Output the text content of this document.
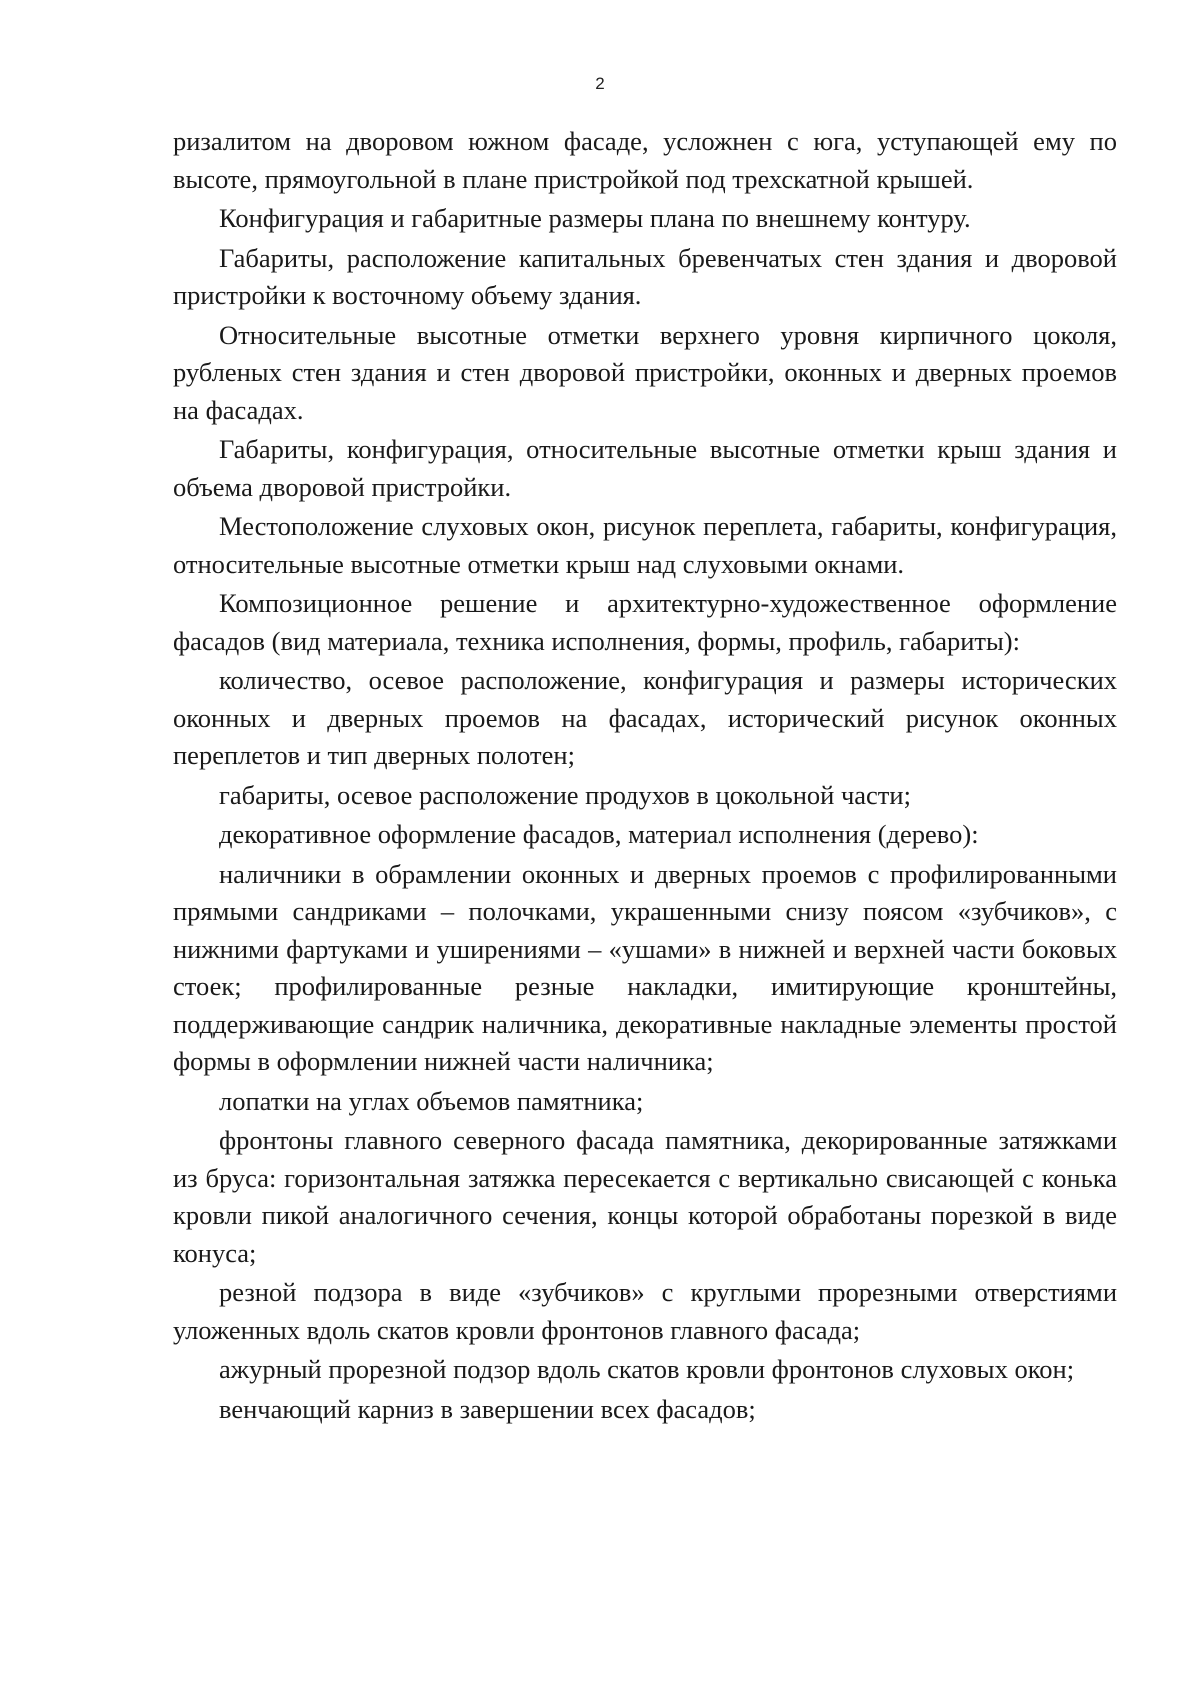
2

ризалитом на дворовом южном фасаде, усложнен с юга, уступающей ему по высоте, прямоугольной в плане пристройкой под трехскатной крышей.

Конфигурация и габаритные размеры плана по внешнему контуру.

Габариты, расположение капитальных бревенчатых стен здания и дворовой пристройки к восточному объему здания.

Относительные высотные отметки верхнего уровня кирпичного цоколя, рубленых стен здания и стен дворовой пристройки, оконных и дверных проемов на фасадах.

Габариты, конфигурация, относительные высотные отметки крыш здания и объема дворовой пристройки.

Местоположение слуховых окон, рисунок переплета, габариты, конфигурация, относительные высотные отметки крыш над слуховыми окнами.

Композиционное решение и архитектурно-художественное оформление фасадов (вид материала, техника исполнения, формы, профиль, габариты):

количество, осевое расположение, конфигурация и размеры исторических оконных и дверных проемов на фасадах, исторический рисунок оконных переплетов и тип дверных полотен;

габариты, осевое расположение продухов в цокольной части;

декоративное оформление фасадов, материал исполнения (дерево):

наличники в обрамлении оконных и дверных проемов с профилированными прямыми сандриками – полочками, украшенными снизу поясом «зубчиков», с нижними фартуками и уширениями – «ушами» в нижней и верхней части боковых стоек; профилированные резные накладки, имитирующие кронштейны, поддерживающие сандрик наличника, декоративные накладные элементы простой формы в оформлении нижней части наличника;

лопатки на углах объемов памятника;

фронтоны главного северного фасада памятника, декорированные затяжками из бруса: горизонтальная затяжка пересекается с вертикально свисающей с конька кровли пикой аналогичного сечения, концы которой обработаны порезкой в виде конуса;

резной подзора в виде «зубчиков» с круглыми прорезными отверстиями уложенных вдоль скатов кровли фронтонов главного фасада;

ажурный прорезной подзор вдоль скатов кровли фронтонов слуховых окон;

венчающий карниз в завершении всех фасадов;
